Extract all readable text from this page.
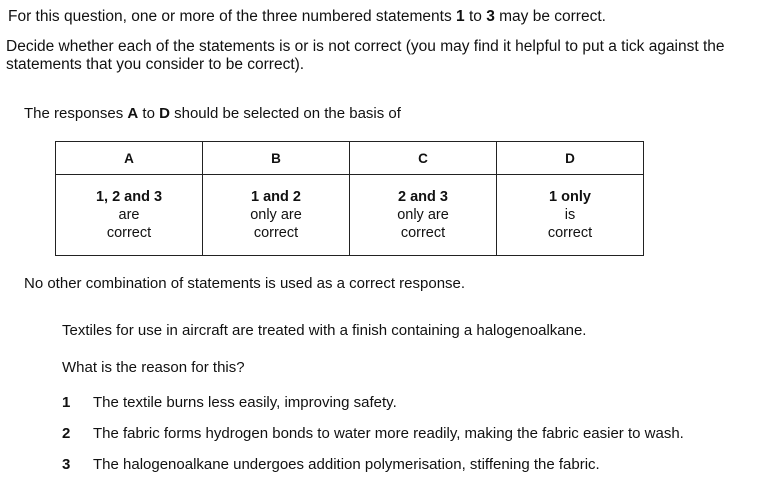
For this question, one or more of the three numbered statements 1 to 3 may be correct.
Decide whether each of the statements is or is not correct (you may find it helpful to put a tick against the statements that you consider to be correct).
The responses A to D should be selected on the basis of
A	B	C	D

1, 2 and 3
are
correct	1 and 2
only are
correct	2 and 3
only are
correct	1 only
is
correct
No other combination of statements is used as a correct response.
Textiles for use in aircraft are treated with a finish containing a halogenoalkane.
What is the reason for this?
1 The textile burns less easily, improving safety.
2 The fabric forms hydrogen bonds to water more readily, making the fabric easier to wash.
3 The halogenoalkane undergoes addition polymerisation, stiffening the fabric.
